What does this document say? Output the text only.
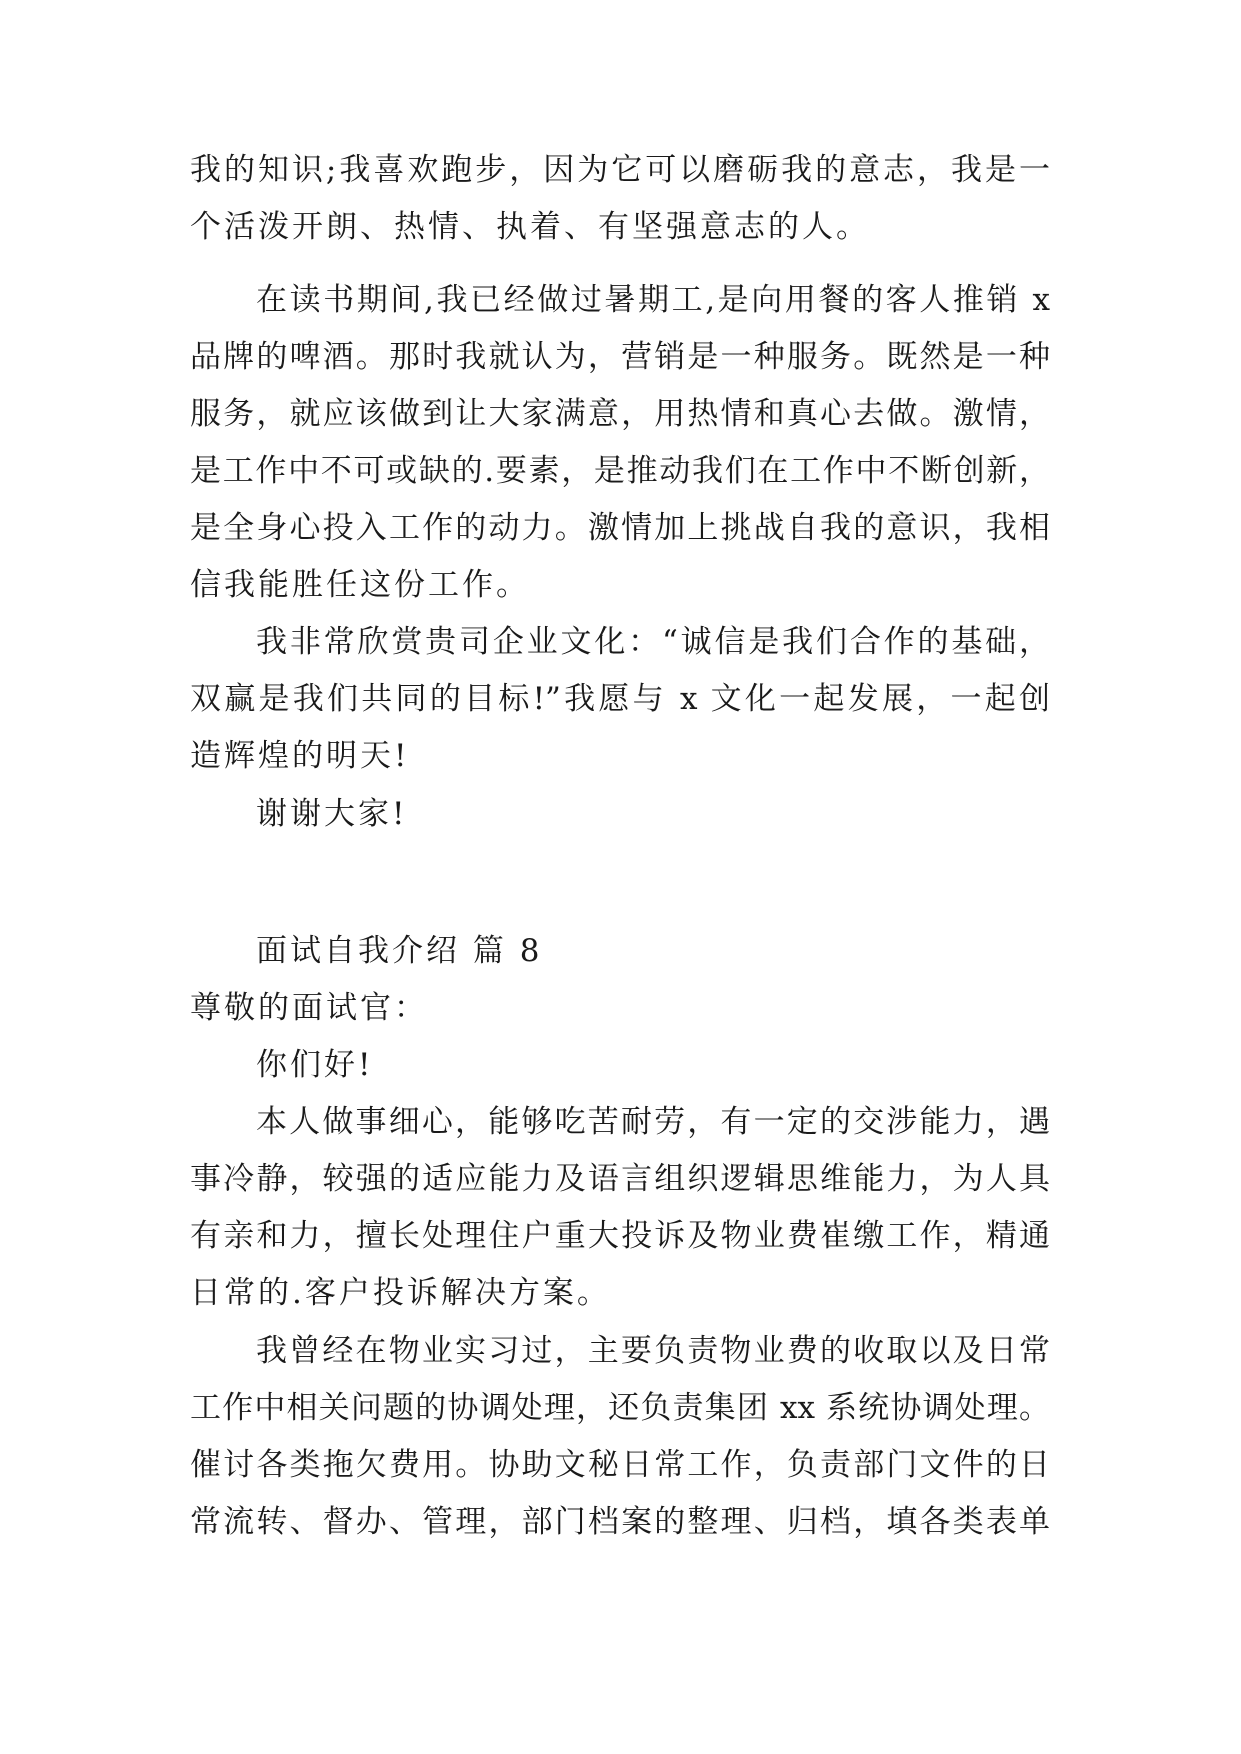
我的知识;我喜欢跑步，因为它可以磨砺我的意志，我是一
个活泼开朗、热情、执着、有坚强意志的人。
在读书期间,我已经做过暑期工,是向用餐的客人推销 x
品牌的啤酒。那时我就认为，营销是一种服务。既然是一种
服务，就应该做到让大家满意，用热情和真心去做。激情，
是工作中不可或缺的.要素，是推动我们在工作中不断创新，
是全身心投入工作的动力。激情加上挑战自我的意识，我相
信我能胜任这份工作。
我非常欣赏贵司企业文化：“诚信是我们合作的基础，
双赢是我们共同的目标!”我愿与 x 文化一起发展，一起创
造辉煌的明天!
谢谢大家!
面试自我介绍 篇 8
尊敬的面试官：
你们好!
本人做事细心，能够吃苦耐劳，有一定的交涉能力，遇
事冷静，较强的适应能力及语言组织逻辑思维能力，为人具
有亲和力，擅长处理住户重大投诉及物业费崔缴工作，精通
日常的.客户投诉解决方案。
我曾经在物业实习过，主要负责物业费的收取以及日常
工作中相关问题的协调处理，还负责集团 xx 系统协调处理。
催讨各类拖欠费用。协助文秘日常工作，负责部门文件的日
常流转、督办、管理，部门档案的整理、归档，填各类表单
